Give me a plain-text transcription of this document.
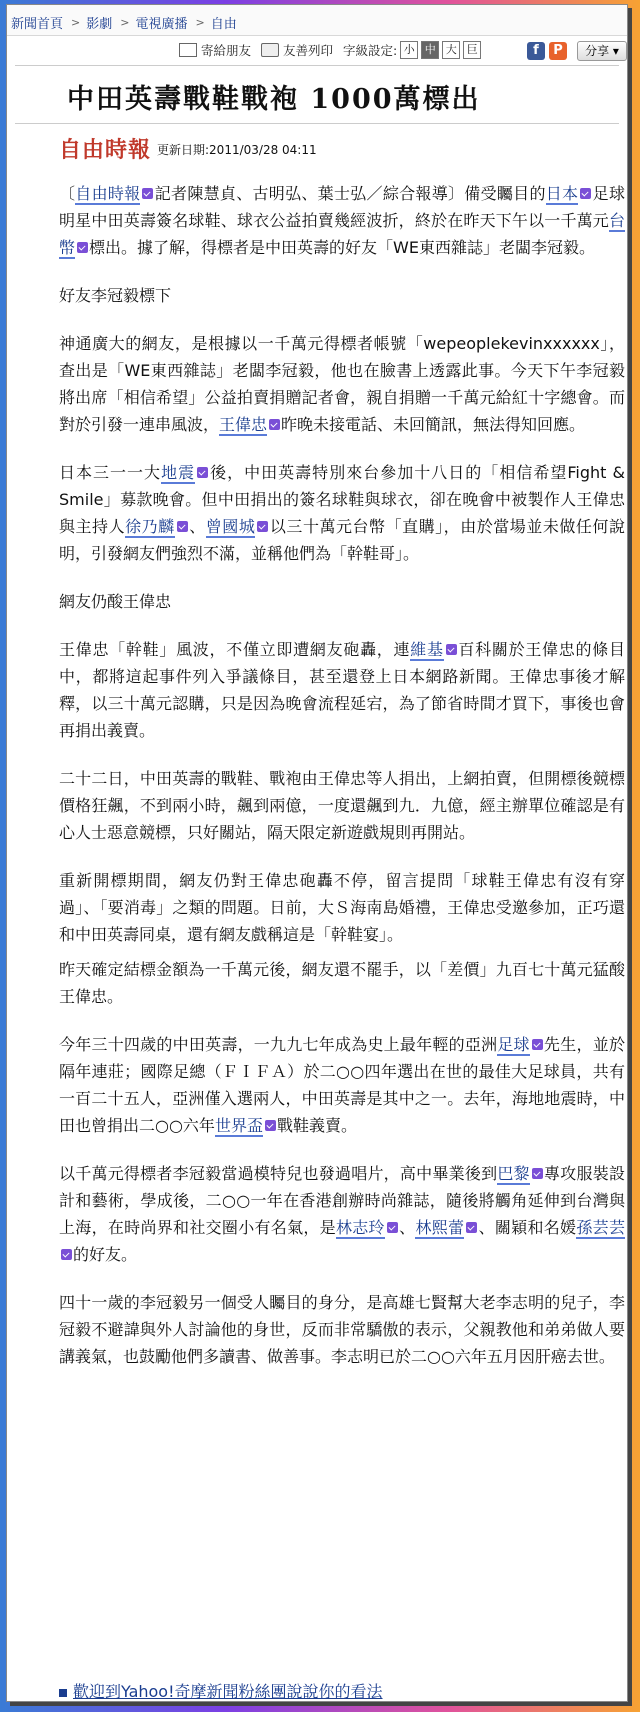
新聞首頁 > 影劇 > 電視廣播 > 自由
寄給朋友	友善列印 字級設定: 小 中 大 巨	f	P	分享 ▾
中田英壽戰鞋戰袍 1000萬標出
自由時報 更新日期:2011/03/28 04:11

〔自由時報 記者陳慧貞、古明弘、葉士弘／綜合報導〕備受矚目的日本 足球明星中田英壽簽名球鞋、球衣公益拍賣幾經波折，終於在昨天下午以一千萬元台幣 標出。據了解，得標者是中田英壽的好友「WE東西雜誌」老闆李冠毅。

好友李冠毅標下

神通廣大的網友，是根據以一千萬元得標者帳號「wepeoplekevinxxxxxx」，查出是「WE東西雜誌」老闆李冠毅，他也在臉書上透露此事。今天下午李冠毅將出席「相信希望」公益拍賣捐贈記者會，親自捐贈一千萬元給紅十字總會。而對於引發一連串風波，王偉忠 昨晚未接電話、未回簡訊，無法得知回應。

日本三一一大地震 後，中田英壽特別來台參加十八日的「相信希望Fight & Smile」募款晚會。但中田捐出的簽名球鞋與球衣，卻在晚會中被製作人王偉忠與主持人徐乃麟 、曾國城 以三十萬元台幣「直購」，由於當場並未做任何說明，引發網友們強烈不滿，並稱他們為「幹鞋哥」。

網友仍酸王偉忠

王偉忠「幹鞋」風波，不僅立即遭網友砲轟，連維基 百科關於王偉忠的條目中，都將這起事件列入爭議條目，甚至還登上日本網路新聞。王偉忠事後才解釋，以三十萬元認購，只是因為晚會流程延宕，為了節省時間才買下，事後也會再捐出義賣。

二十二日，中田英壽的戰鞋、戰袍由王偉忠等人捐出，上網拍賣，但開標後競標價格狂飆，不到兩小時，飆到兩億，一度還飆到九．九億，經主辦單位確認是有心人士惡意競標，只好關站，隔天限定新遊戲規則再開站。

重新開標期間，網友仍對王偉忠砲轟不停，留言提問「球鞋王偉忠有沒有穿過」、「要消毒」之類的問題。日前，大Ｓ海南島婚禮，王偉忠受邀參加，正巧還和中田英壽同桌，還有網友戲稱這是「幹鞋宴」。

昨天確定結標金額為一千萬元後，網友還不罷手，以「差價」九百七十萬元猛酸王偉忠。

今年三十四歲的中田英壽，一九九七年成為史上最年輕的亞洲足球 先生，並於隔年連莊；國際足總（ＦＩＦＡ）於二○○四年選出在世的最佳大足球員，共有一百二十五人，亞洲僅入選兩人，中田英壽是其中之一。去年，海地地震時，中田也曾捐出二○○六年世界盃 戰鞋義賣。

以千萬元得標者李冠毅當過模特兒也發過唱片，高中畢業後到巴黎 專攻服裝設計和藝術，學成後，二○○一年在香港創辦時尚雜誌，隨後將觸角延伸到台灣與上海，在時尚界和社交圈小有名氣，是林志玲 、林熙蕾 、關穎和名媛孫芸芸的好友。

四十一歲的李冠毅另一個受人矚目的身分，是高雄七賢幫大老李志明的兒子，李冠毅不避諱與外人討論他的身世，反而非常驕傲的表示，父親教他和弟弟做人要講義氣，也鼓勵他們多讀書、做善事。李志明已於二○○六年五月因肝癌去世。

歡迎到Yahoo!奇摩新聞粉絲團說說你的看法
